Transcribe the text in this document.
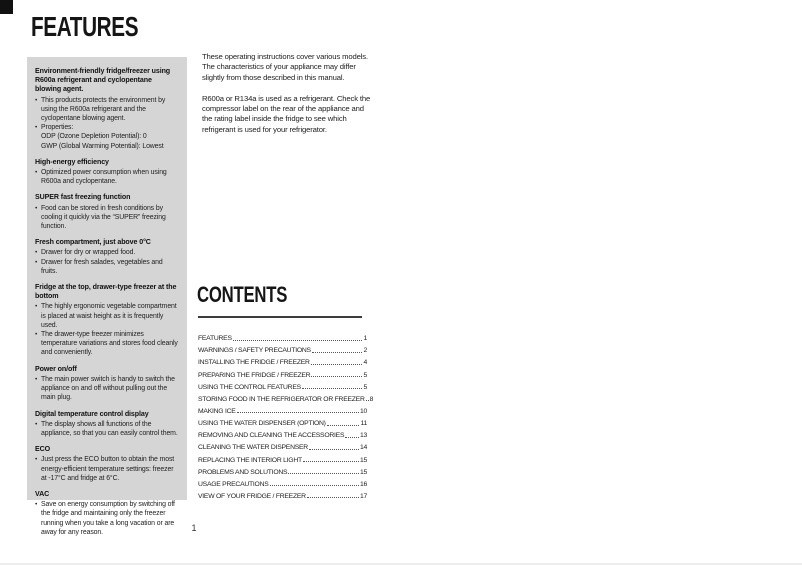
FEATURES
Environment-friendly fridge/freezer using R600a refrigerant and cyclopentane blowing agent.
• This products protects the environment by using the R600a refrigerant and the cyclopentane blowing agent.
• Properties:
ODP (Ozone Depletion Potential): 0
GWP (Global Warming Potential): Lowest
High-energy efficiency
• Optimized power consumption when using R600a and cyclopentane.
SUPER fast freezing function
• Food can be stored in fresh conditions by cooling it quickly via the “SUPER” freezing function.
Fresh compartment, just above 0°C
• Drawer for dry or wrapped food.
• Drawer for fresh salades, vegetables and fruits.
Fridge at the top, drawer-type freezer at the bottom
• The highly ergonomic vegetable compartment is placed at waist height as it is frequently used.
• The drawer-type freezer minimizes temperature variations and stores food cleanly and conveniently.
Power on/off
• The main power switch is handy to switch the appliance on and off without pulling out the main plug.
Digital temperature control display
• The display shows all functions of the appliance, so that you can easily control them.
ECO
• Just press the ECO button to obtain the most energy-efficient temperature settings: freezer at -17°C and fridge at 6°C.
VAC
• Save on energy consumption by switching off the fridge and maintaining only the freezer running when you take a long vacation or are away for any reason.

These operating instructions cover various models. The characteristics of your appliance may differ slightly from those described in this manual.

R600a or R134a is used as a refrigerant. Check the compressor label on the rear of the appliance and the rating label inside the fridge to see which refrigerant is used for your refrigerator.

CONTENTS
FEATURES	1
WARNINGS / SAFETY PRECAUTIONS	2
INSTALLING THE FRIDGE / FREEZER	4
PREPARING THE FRIDGE / FREEZER	5
USING THE CONTROL FEATURES	5
STORING FOOD IN THE REFRIGERATOR OR FREEZER 8
MAKING ICE	10
USING THE WATER DISPENSER (OPTION)	11
REMOVING AND CLEANING THE ACCESSORIES 13
CLEANING THE WATER DISPENSER	14
REPLACING THE INTERIOR LIGHT	15
PROBLEMS AND SOLUTIONS	15
USAGE PRECAUTIONS	16
VIEW OF YOUR FRIDGE / FREEZER	17
1
